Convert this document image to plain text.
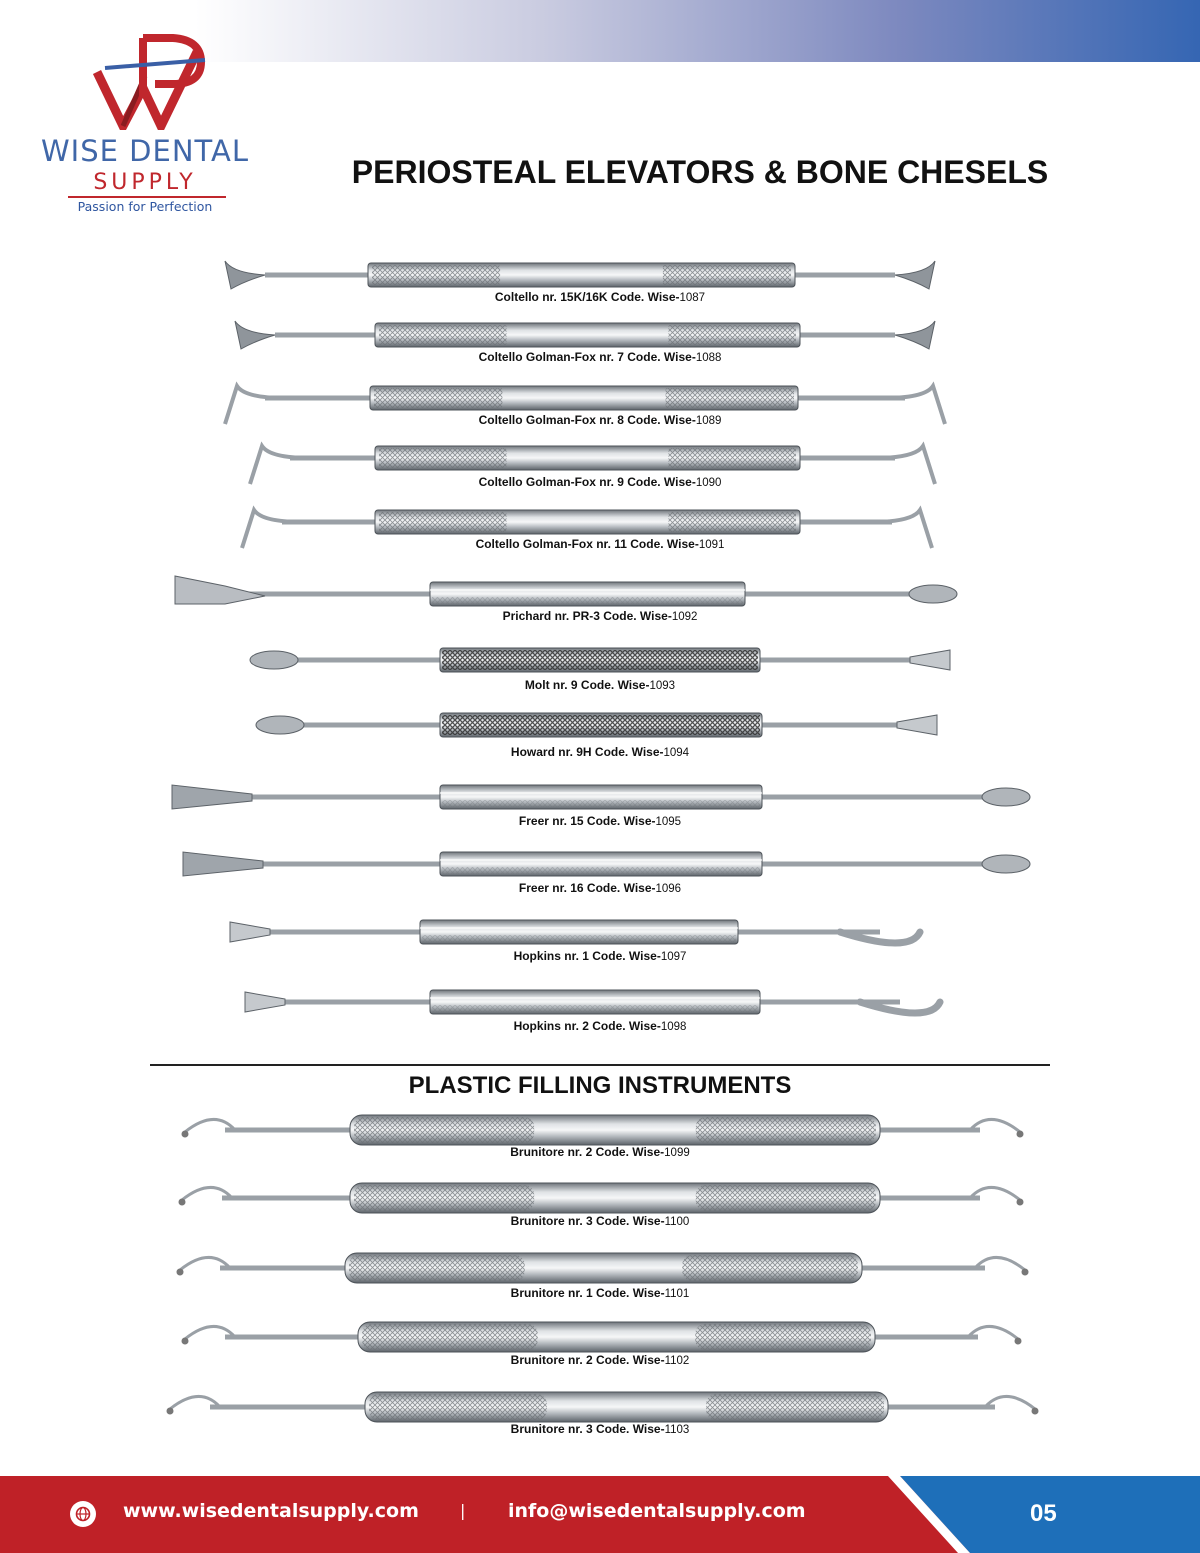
WISE DENTAL
SUPPLY
Passion for Perfection
PERIOSTEAL ELEVATORS & BONE CHESELS
Coltello nr. 15K/16K Code. Wise-1087
Coltello Golman-Fox nr. 7 Code. Wise-1088
Coltello Golman-Fox nr. 8 Code. Wise-1089
Coltello Golman-Fox nr. 9 Code. Wise-1090
Coltello Golman-Fox nr. 11 Code. Wise-1091
Prichard nr. PR-3 Code. Wise-1092
Molt nr. 9 Code. Wise-1093
Howard nr. 9H Code. Wise-1094
Freer nr. 15 Code. Wise-1095
Freer nr. 16 Code. Wise-1096
Hopkins nr. 1 Code. Wise-1097
Hopkins nr. 2 Code. Wise-1098
PLASTIC FILLING INSTRUMENTS
Brunitore nr. 2 Code. Wise-1099
Brunitore nr. 3 Code. Wise-1100
Brunitore nr. 1 Code. Wise-1101
Brunitore nr. 2 Code. Wise-1102
Brunitore nr. 3 Code. Wise-1103
www.wisedentalsupply.com	| info@wisedentalsupply.com	05
